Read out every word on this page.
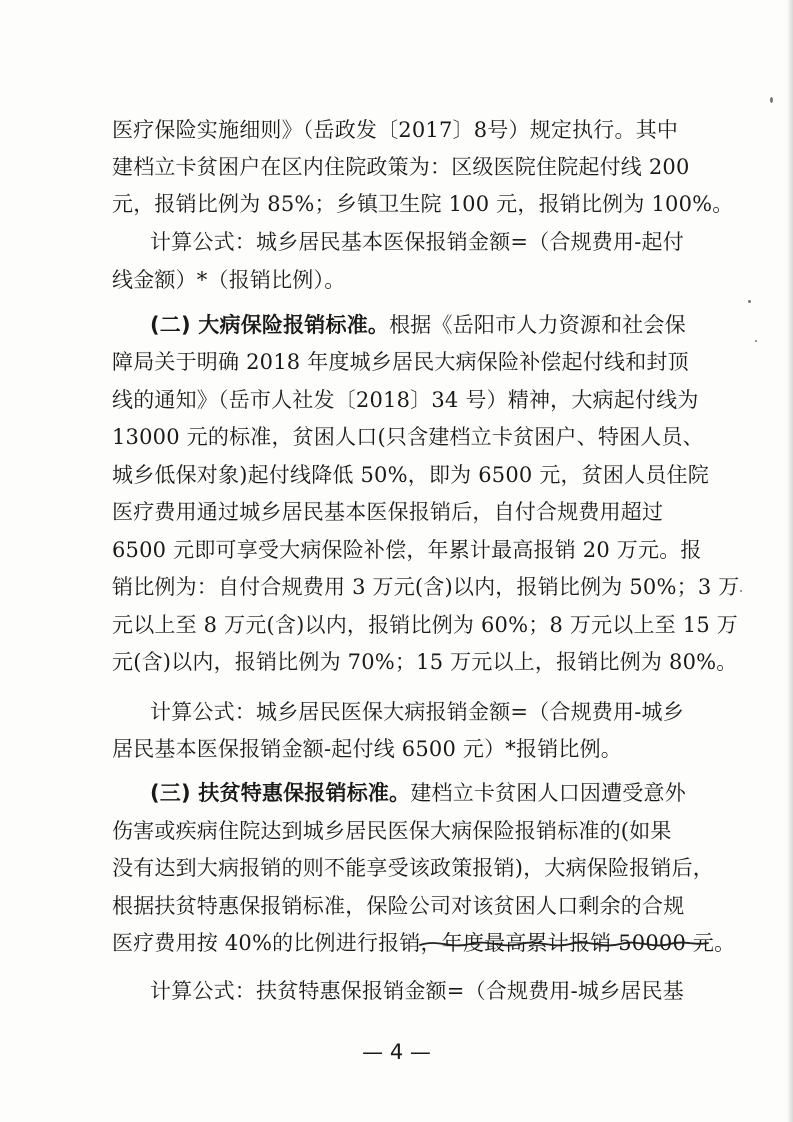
医疗保险实施细则》（岳政发〔2017〕8号）规定执行。其中
建档立卡贫困户在区内住院政策为：区级医院住院起付线 200
元，报销比例为 85%；乡镇卫生院 100 元，报销比例为 100%。
计算公式：城乡居民基本医保报销金额=（合规费用-起付
线金额）*（报销比例）。
(二) 大病保险报销标准。根据《岳阳市人力资源和社会保
障局关于明确 2018 年度城乡居民大病保险补偿起付线和封顶
线的通知》（岳市人社发〔2018〕34 号）精神，大病起付线为
13000 元的标准，贫困人口(只含建档立卡贫困户、特困人员、
城乡低保对象)起付线降低 50%，即为 6500 元，贫困人员住院
医疗费用通过城乡居民基本医保报销后，自付合规费用超过
6500 元即可享受大病保险补偿，年累计最高报销 20 万元。报
销比例为：自付合规费用 3 万元(含)以内，报销比例为 50%；3 万
元以上至 8 万元(含)以内，报销比例为 60%；8 万元以上至 15 万
元(含)以内，报销比例为 70%；15 万元以上，报销比例为 80%。
计算公式：城乡居民医保大病报销金额=（合规费用-城乡
居民基本医保报销金额-起付线 6500 元）*报销比例。
(三) 扶贫特惠保报销标准。建档立卡贫困人口因遭受意外
伤害或疾病住院达到城乡居民医保大病保险报销标准的(如果
没有达到大病报销的则不能享受该政策报销)，大病保险报销后，
根据扶贫特惠保报销标准，保险公司对该贫困人口剩余的合规
医疗费用按 40%的比例进行报销，年度最高累计报销 50000 元。
计算公式：扶贫特惠保报销金额=（合规费用-城乡居民基
— 4 —
